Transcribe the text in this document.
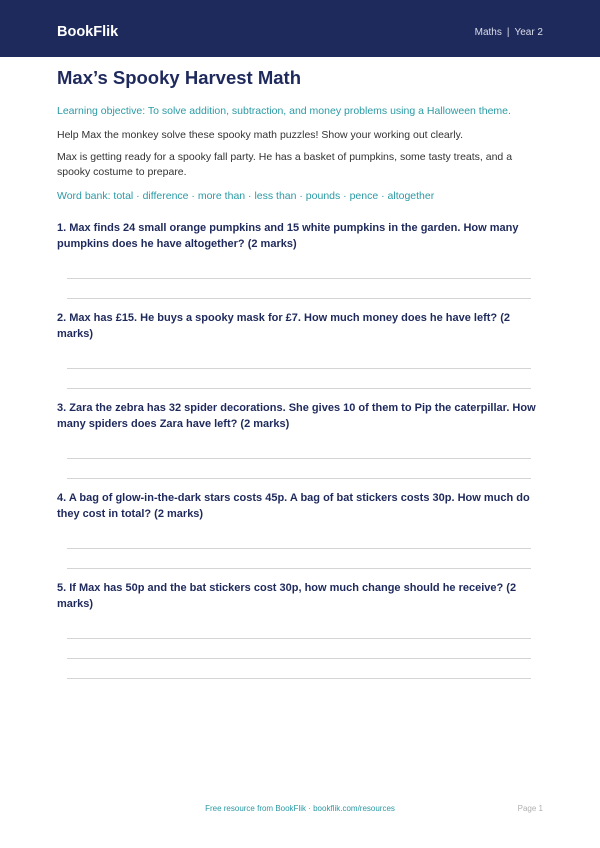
BookFlik	Maths | Year 2
Max’s Spooky Harvest Math
Learning objective: To solve addition, subtraction, and money problems using a Halloween theme.
Help Max the monkey solve these spooky math puzzles! Show your working out clearly.
Max is getting ready for a spooky fall party. He has a basket of pumpkins, some tasty treats, and a spooky costume to prepare.
Word bank: total · difference · more than · less than · pounds · pence · altogether
1. Max finds 24 small orange pumpkins and 15 white pumpkins in the garden. How many pumpkins does he have altogether? (2 marks)
2. Max has £15. He buys a spooky mask for £7. How much money does he have left? (2 marks)
3. Zara the zebra has 32 spider decorations. She gives 10 of them to Pip the caterpillar. How many spiders does Zara have left? (2 marks)
4. A bag of glow-in-the-dark stars costs 45p. A bag of bat stickers costs 30p. How much do they cost in total? (2 marks)
5. If Max has 50p and the bat stickers cost 30p, how much change should he receive? (2 marks)
Free resource from BookFlik · bookflik.com/resources	Page 1
